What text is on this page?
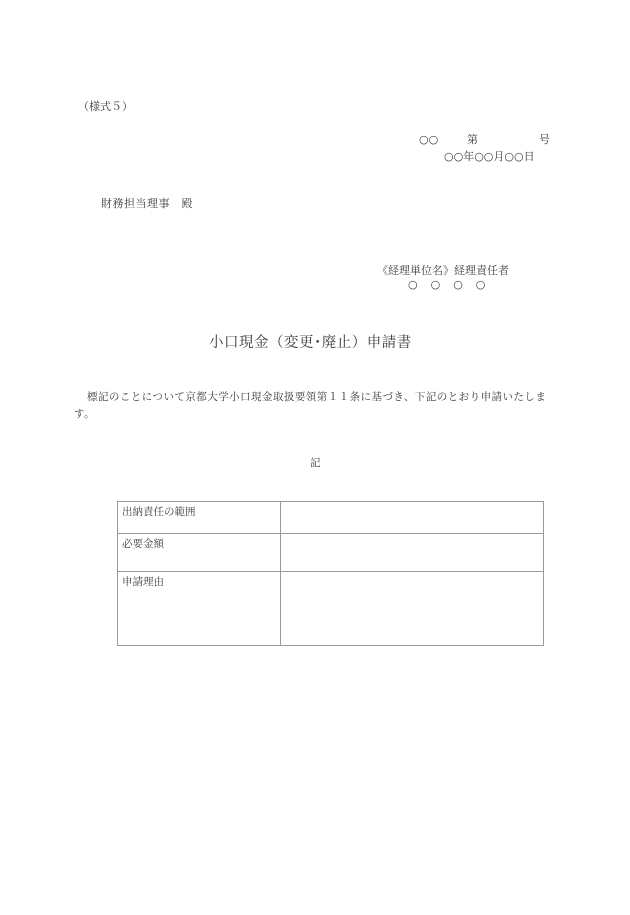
（様式５）
○○	第	号
○○年○○月○○日
財務担当理事　殿
《経理単位名》経理責任者
○○○○
小口現金（変更･廃止）申請書
標記のことについて京都大学小口現金取扱要領第１１条に基づき、下記のとおり申請いたします。
記
出納責任の範囲	
必要金額	
申請理由	
